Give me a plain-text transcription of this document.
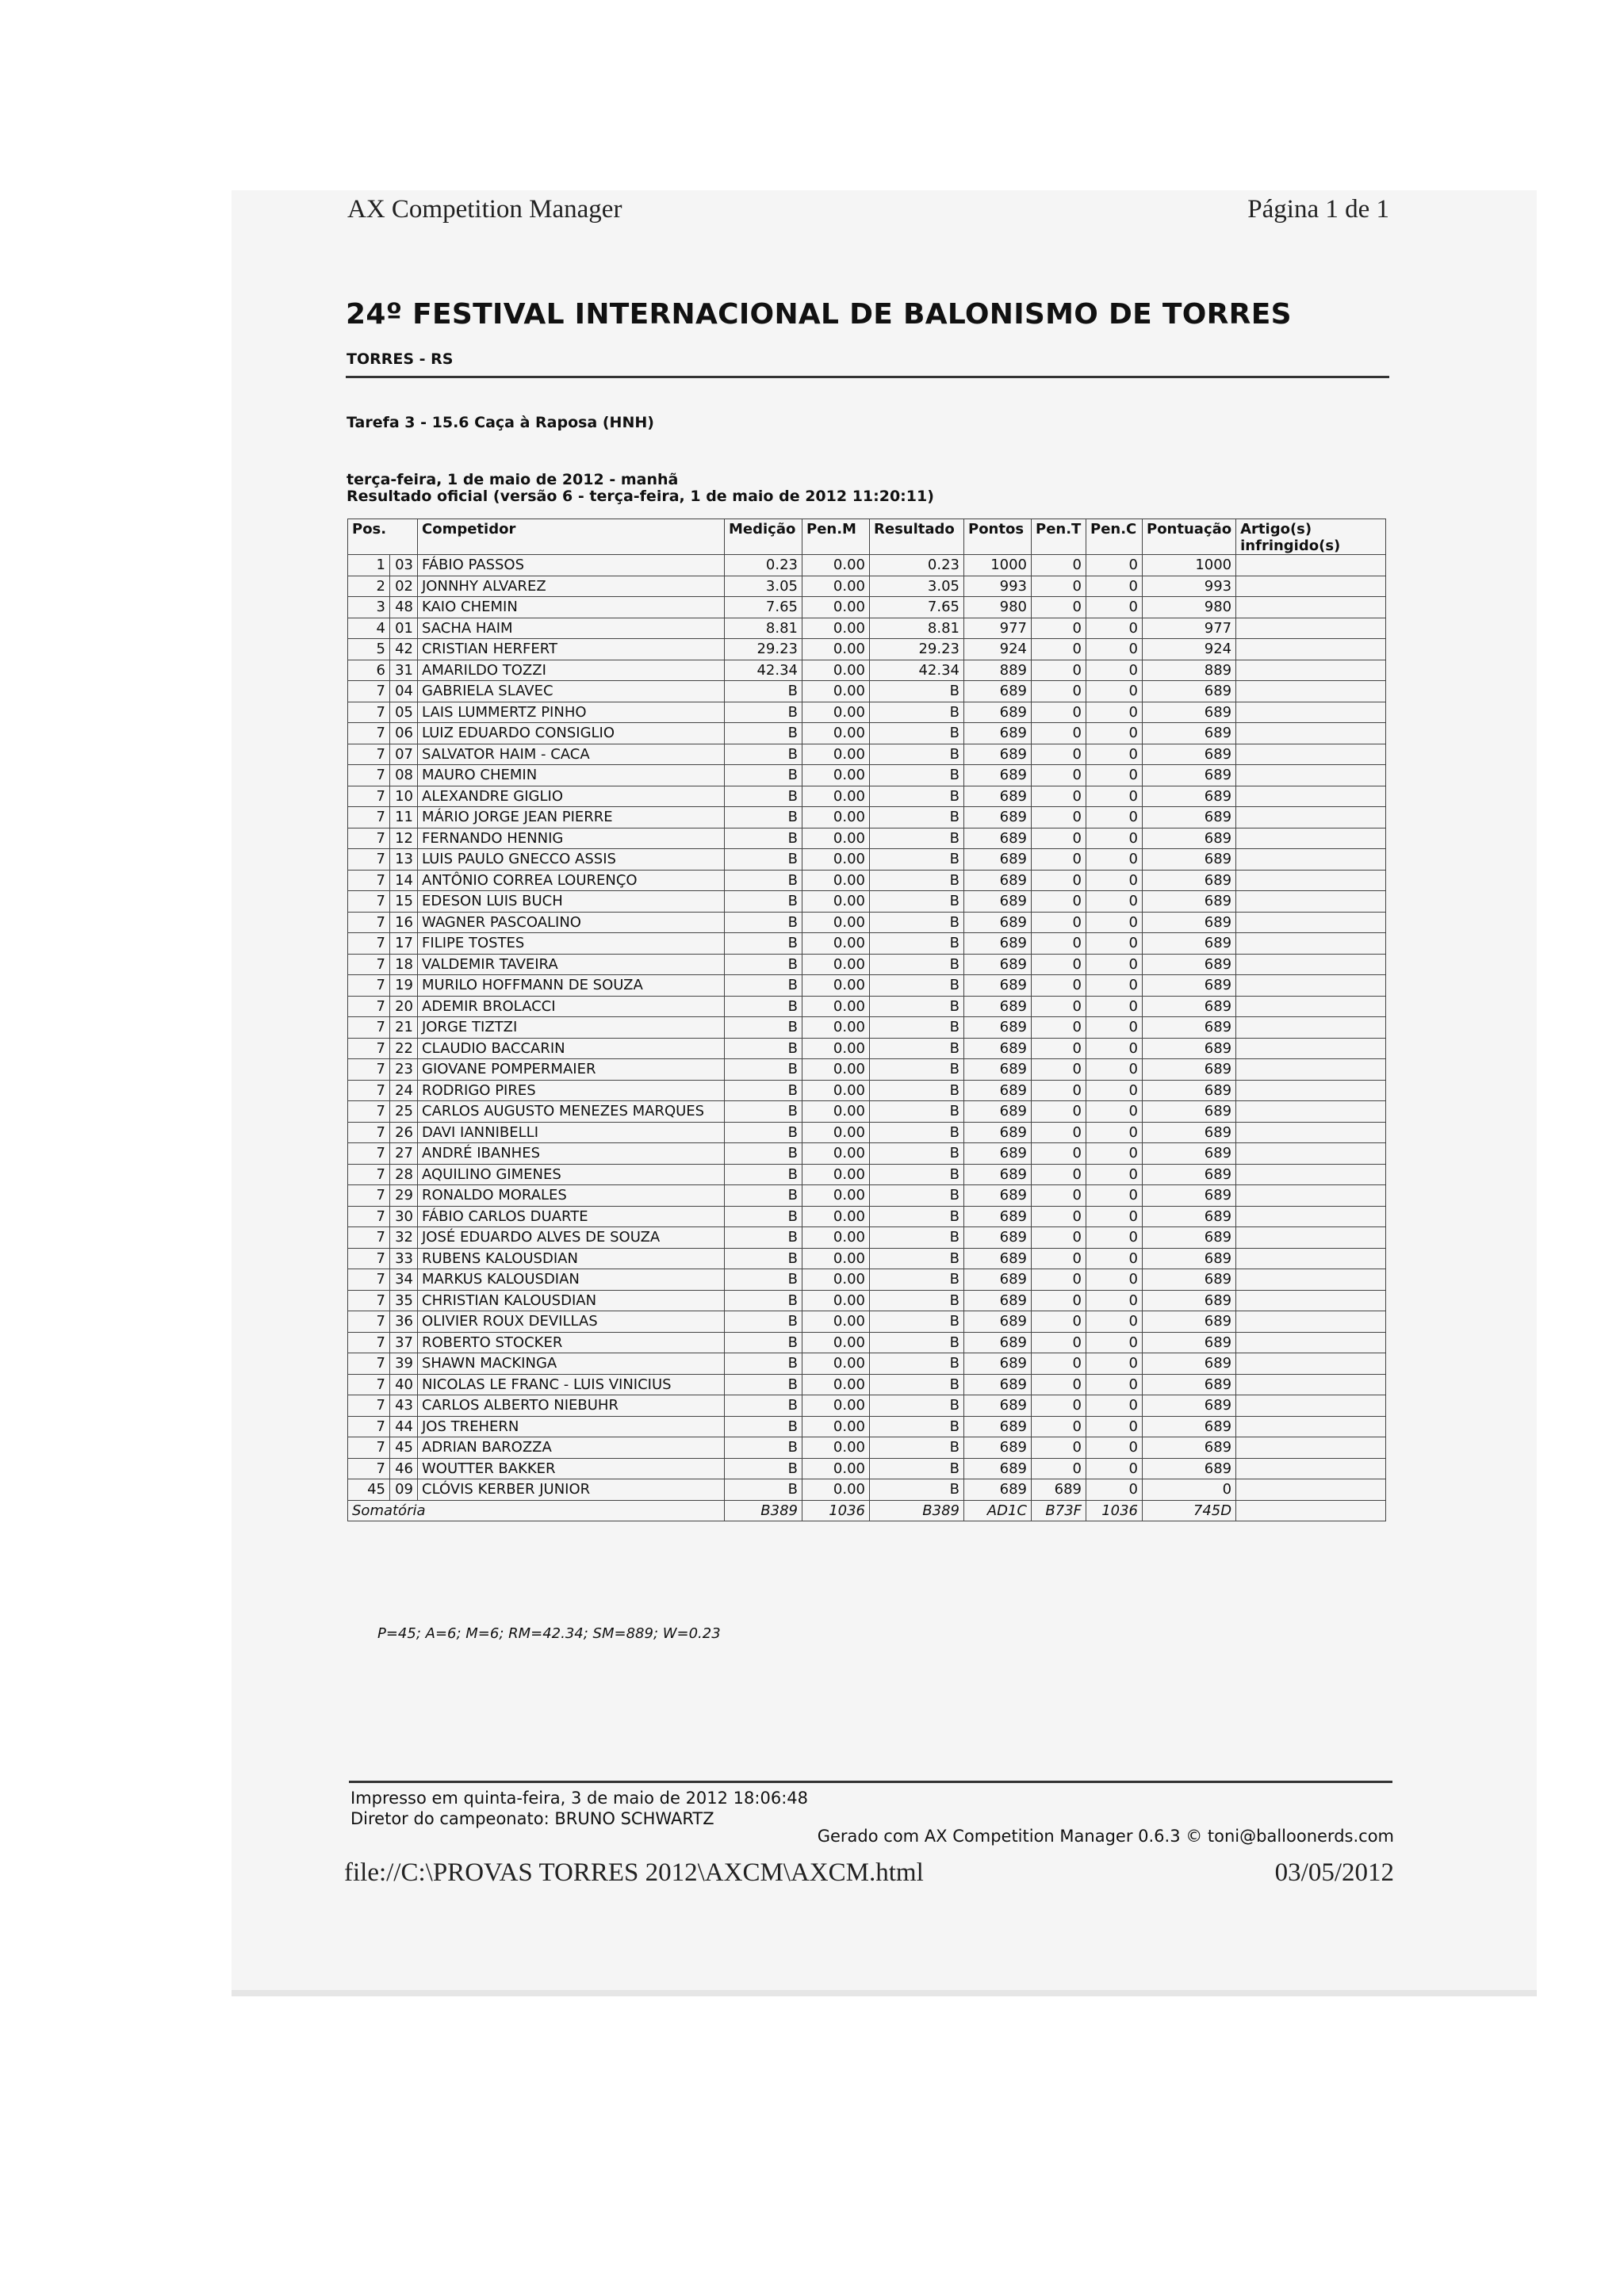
AX Competition Manager	Página 1 de 1
24º FESTIVAL INTERNACIONAL DE BALONISMO DE TORRES
TORRES - RS
Tarefa 3 - 15.6 Caça à Raposa (HNH)
terça-feira, 1 de maio de 2012 - manhã
Resultado oficial (versão 6 - terça-feira, 1 de maio de 2012 11:20:11)
Pos.		Competidor	Medição	Pen.M	Resultado	Pontos	Pen.T	Pen.C	Pontuação	Artigo(s) infringido(s)
1	03	FÁBIO PASSOS	0.23	0.00	0.23	1000	0	0	1000	
2	02	JONNHY ALVAREZ	3.05	0.00	3.05	993	0	0	993	
3	48	KAIO CHEMIN	7.65	0.00	7.65	980	0	0	980	
4	01	SACHA HAIM	8.81	0.00	8.81	977	0	0	977	
5	42	CRISTIAN HERFERT	29.23	0.00	29.23	924	0	0	924	
6	31	AMARILDO TOZZI	42.34	0.00	42.34	889	0	0	889	
7	04	GABRIELA SLAVEC	B	0.00	B	689	0	0	689	
7	05	LAIS LUMMERTZ PINHO	B	0.00	B	689	0	0	689	
7	06	LUIZ EDUARDO CONSIGLIO	B	0.00	B	689	0	0	689	
7	07	SALVATOR HAIM - CACA	B	0.00	B	689	0	0	689	
7	08	MAURO CHEMIN	B	0.00	B	689	0	0	689	
7	10	ALEXANDRE GIGLIO	B	0.00	B	689	0	0	689	
7	11	MÁRIO JORGE JEAN PIERRE	B	0.00	B	689	0	0	689	
7	12	FERNANDO HENNIG	B	0.00	B	689	0	0	689	
7	13	LUIS PAULO GNECCO ASSIS	B	0.00	B	689	0	0	689	
7	14	ANTÔNIO CORREA LOURENÇO	B	0.00	B	689	0	0	689	
7	15	EDESON LUIS BUCH	B	0.00	B	689	0	0	689	
7	16	WAGNER PASCOALINO	B	0.00	B	689	0	0	689	
7	17	FILIPE TOSTES	B	0.00	B	689	0	0	689	
7	18	VALDEMIR TAVEIRA	B	0.00	B	689	0	0	689	
7	19	MURILO HOFFMANN DE SOUZA	B	0.00	B	689	0	0	689	
7	20	ADEMIR BROLACCI	B	0.00	B	689	0	0	689	
7	21	JORGE TIZTZI	B	0.00	B	689	0	0	689	
7	22	CLAUDIO BACCARIN	B	0.00	B	689	0	0	689	
7	23	GIOVANE POMPERMAIER	B	0.00	B	689	0	0	689	
7	24	RODRIGO PIRES	B	0.00	B	689	0	0	689	
7	25	CARLOS AUGUSTO MENEZES MARQUES	B	0.00	B	689	0	0	689	
7	26	DAVI IANNIBELLI	B	0.00	B	689	0	0	689	
7	27	ANDRÉ IBANHES	B	0.00	B	689	0	0	689	
7	28	AQUILINO GIMENES	B	0.00	B	689	0	0	689	
7	29	RONALDO MORALES	B	0.00	B	689	0	0	689	
7	30	FÁBIO CARLOS DUARTE	B	0.00	B	689	0	0	689	
7	32	JOSÉ EDUARDO ALVES DE SOUZA	B	0.00	B	689	0	0	689	
7	33	RUBENS KALOUSDIAN	B	0.00	B	689	0	0	689	
7	34	MARKUS KALOUSDIAN	B	0.00	B	689	0	0	689	
7	35	CHRISTIAN KALOUSDIAN	B	0.00	B	689	0	0	689	
7	36	OLIVIER ROUX DEVILLAS	B	0.00	B	689	0	0	689	
7	37	ROBERTO STOCKER	B	0.00	B	689	0	0	689	
7	39	SHAWN MACKINGA	B	0.00	B	689	0	0	689	
7	40	NICOLAS LE FRANC - LUIS VINICIUS	B	0.00	B	689	0	0	689	
7	43	CARLOS ALBERTO NIEBUHR	B	0.00	B	689	0	0	689	
7	44	JOS TREHERN	B	0.00	B	689	0	0	689	
7	45	ADRIAN BAROZZA	B	0.00	B	689	0	0	689	
7	46	WOUTTER BAKKER	B	0.00	B	689	0	0	689	
45	09	CLÓVIS KERBER JUNIOR	B	0.00	B	689	689	0	0	
Somatória			B389	1036	B389	AD1C	B73F	1036	745D	
P=45; A=6; M=6; RM=42.34; SM=889; W=0.23
Impresso em quinta-feira, 3 de maio de 2012 18:06:48
Diretor do campeonato: BRUNO SCHWARTZ
Gerado com AX Competition Manager 0.6.3 © toni@balloonerds.com
file://C:\PROVAS TORRES 2012\AXCM\AXCM.html	03/05/2012
